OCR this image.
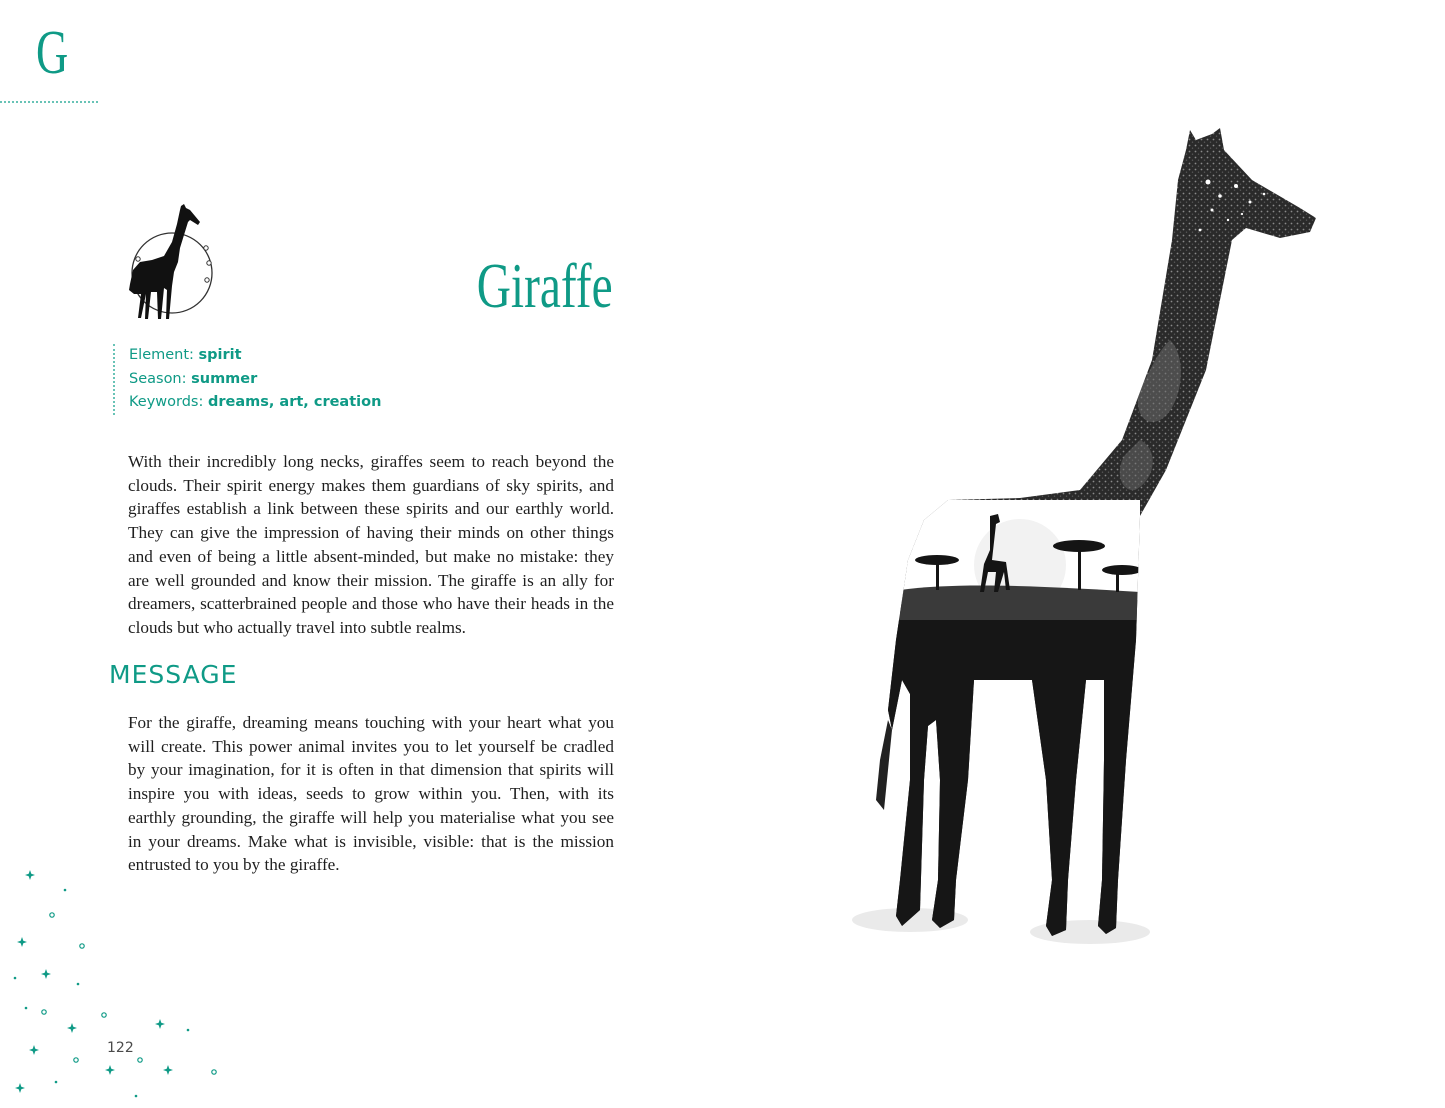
G
Giraffe
Element: spirit
Season: summer
Keywords: dreams, art, creation

With their incredibly long necks, giraffes seem to reach beyond the clouds. Their spirit energy makes them guardians of sky spirits, and giraffes establish a link between these spirits and our earthly world. They can give the impression of having their minds on other things and even of being a little absent-minded, but make no mistake: they are well grounded and know their mission. The giraffe is an ally for dreamers, scatterbrained people and those who have their heads in the clouds but who actually travel into subtle realms.

MESSAGE

For the giraffe, dreaming means touching with your heart what you will create. This power animal invites you to let yourself be cradled by your imagination, for it is often in that dimension that spirits will inspire you with ideas, seeds to grow within you. Then, with its earthly grounding, the giraffe will help you materialise what you see in your dreams. Make what is invisible, visible: that is the mission entrusted to you by the giraffe.

122
